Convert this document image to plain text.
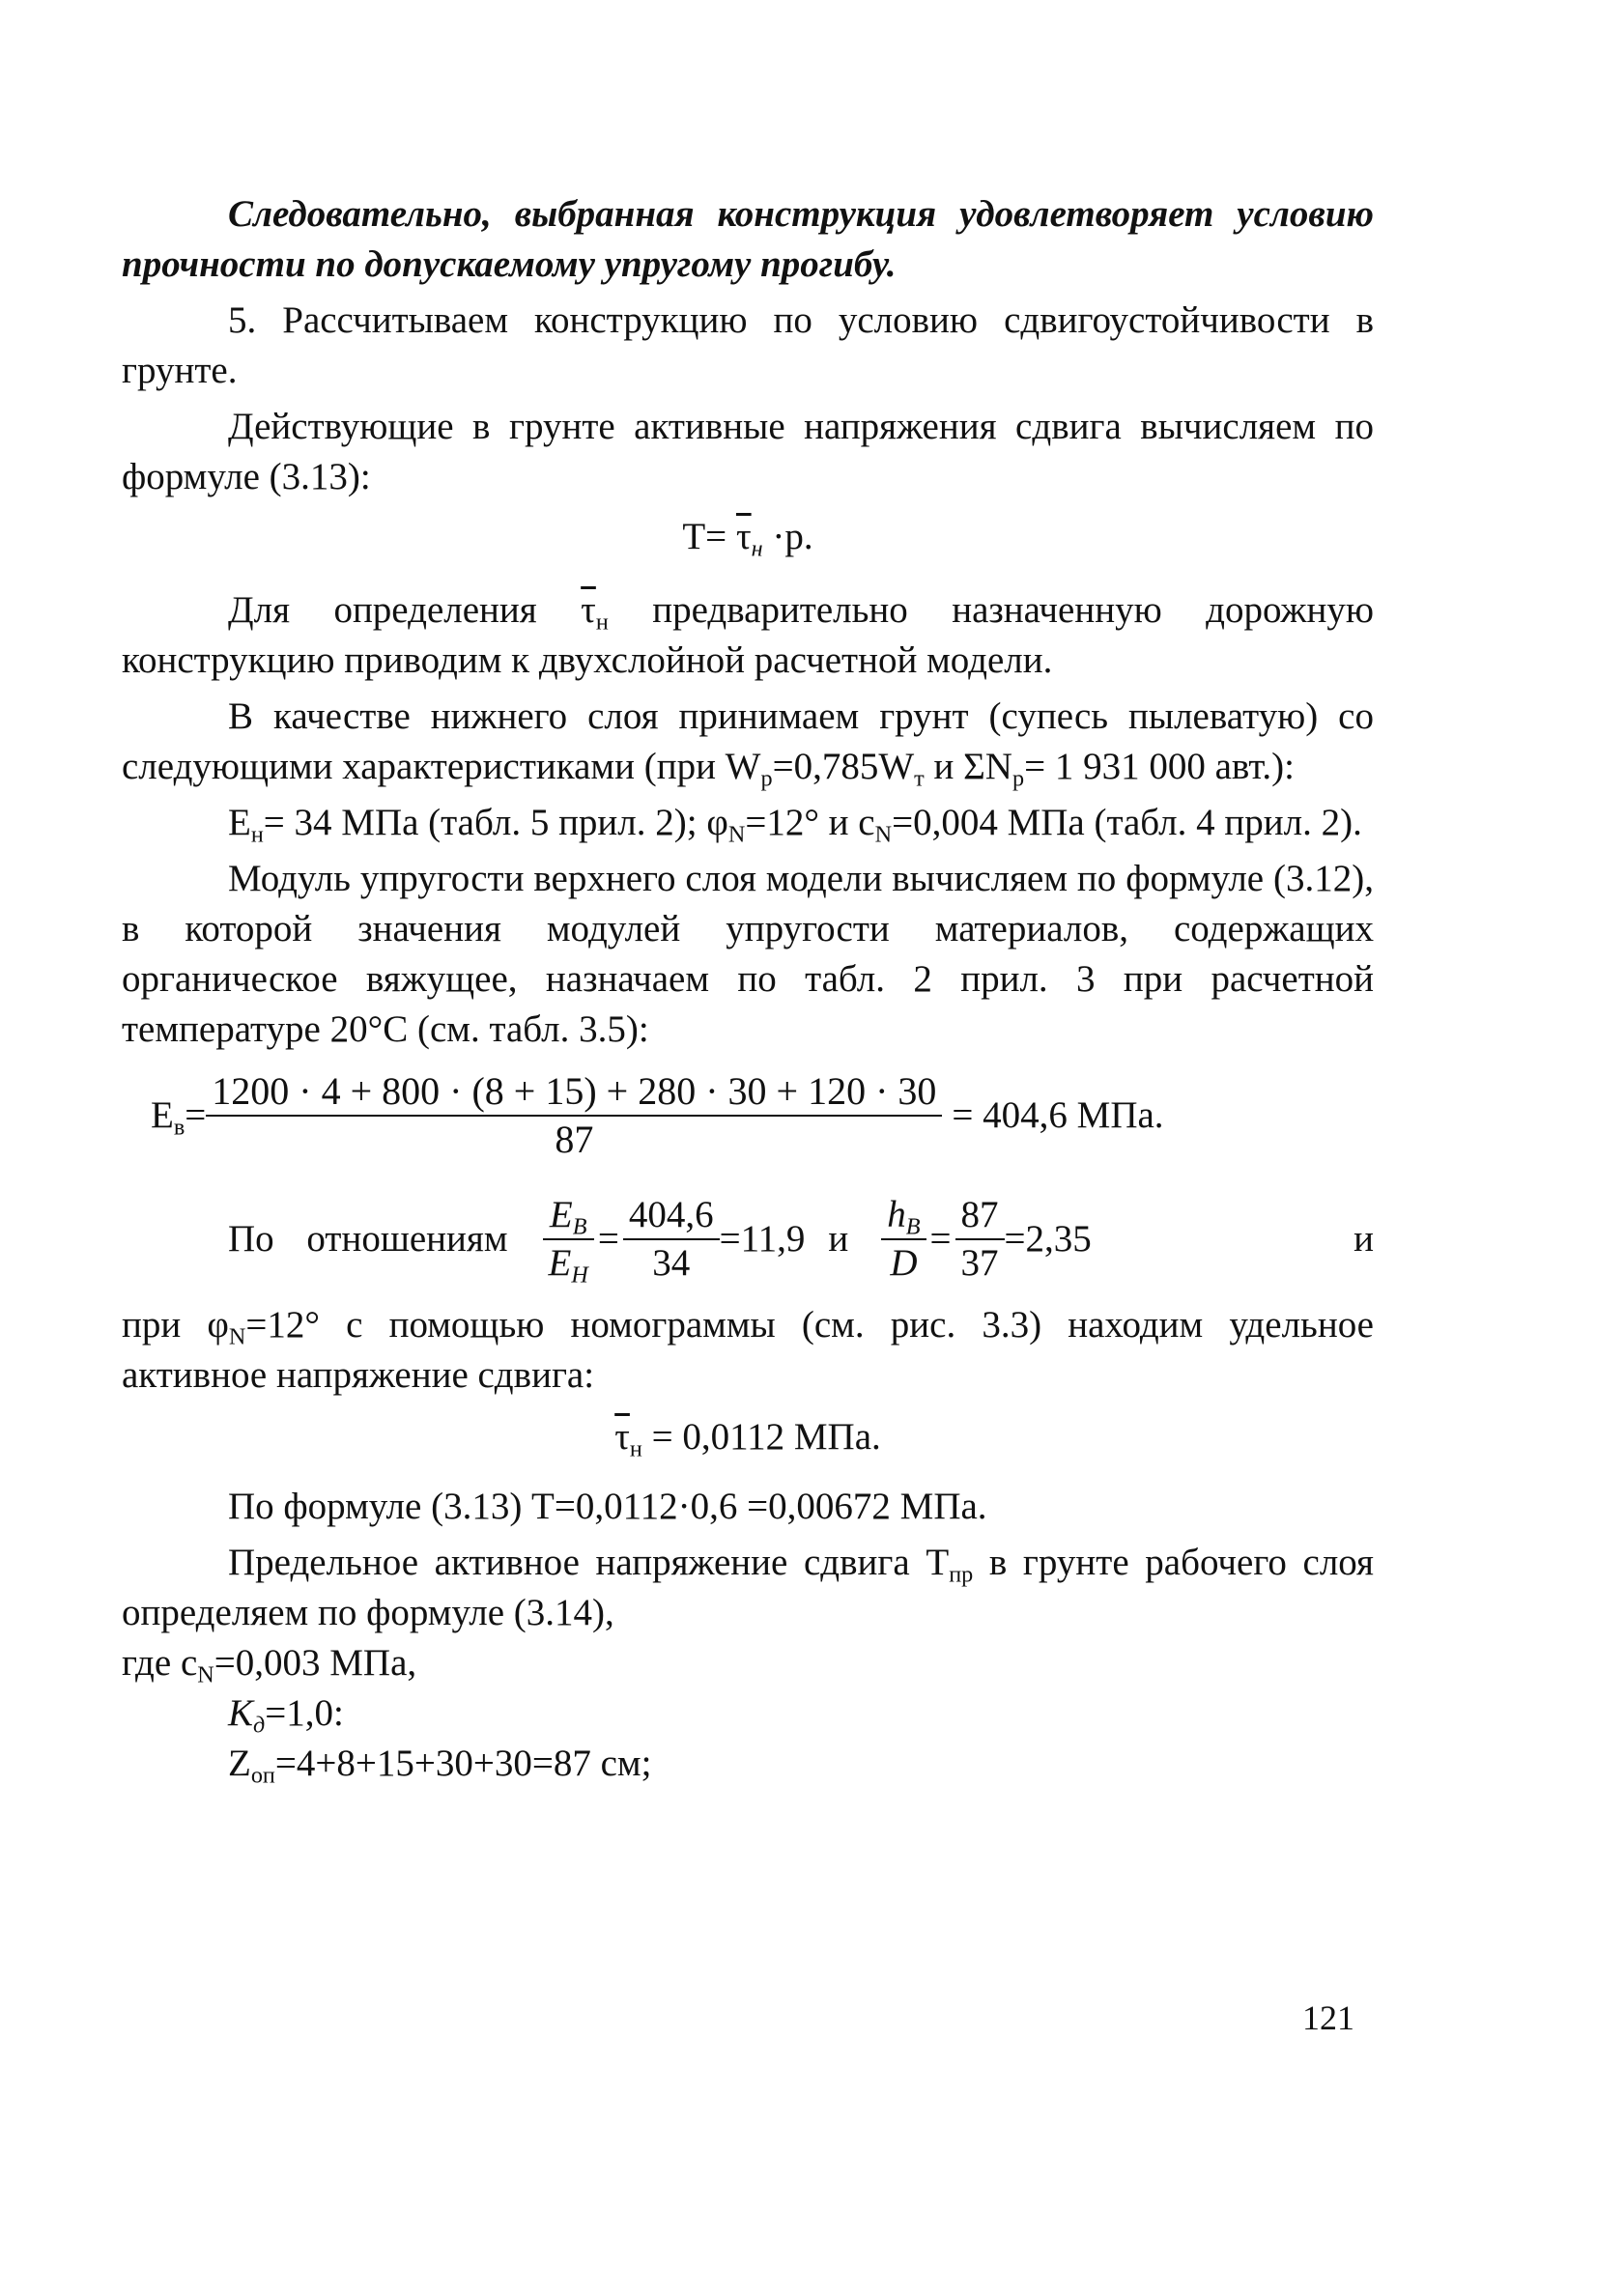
Следовательно, выбранная конструкция удовлетворяет условию прочности по допускаемому упругому прогибу.

5. Рассчитываем конструкцию по условию сдвигоустойчивости в грунте.

Действующие в грунте активные напряжения сдвига вычисляем по формуле (3.13):

$T= \overline{\tau}_н \cdot p$.

Для определения $\overline{\tau}_н$ предварительно назначенную дорожную конструкцию приводим к двухслойной расчетной модели.

В качестве нижнего слоя принимаем грунт (супесь пылеватую) со следующими характеристиками (при $W_p=0,785W_т$ и $\Sigma N_p= 1$ 931 000 авт.):

$E_н= 34$ МПа (табл. 5 прил. 2); $\varphi_N=12^\circ$ и $c_N=0,004$ МПа (табл. 4 прил. 2).

Модуль упругости верхнего слоя модели вычисляем по формуле (3.12), в которой значения модулей упругости материалов, содержащих органическое вяжущее, назначаем по табл. 2 прил. 3 при расчетной температуре 20°С (см. табл. 3.5):

$E_в= \frac{1200 \cdot 4 + 800 \cdot (8 + 15) + 280 \cdot 30 + 120 \cdot 30}{87} = 404,6$ МПа.
По отношениям $\frac{E_В}{E_Н} = \frac{404,6}{34} =11,9$ и $\frac{h_В}{D} = \frac{87}{37} =2,35$	и

при $\varphi_N=12^\circ$ с помощью номограммы (см. рис. 3.3) находим удельное активное напряжение сдвига:

$\overline{\tau}_н = 0,0112$ МПа.

По формуле (3.13) T=0,0112·0,6 =0,00672 МПа.

Предельное активное напряжение сдвига $T_{пр}$ в грунте рабочего слоя определяем по формуле (3.14),

где $c_N=0,003$ МПа,

$K_д=1,0$:

$Z_{оп}=4+8+15+30+30=87$ см;

121
